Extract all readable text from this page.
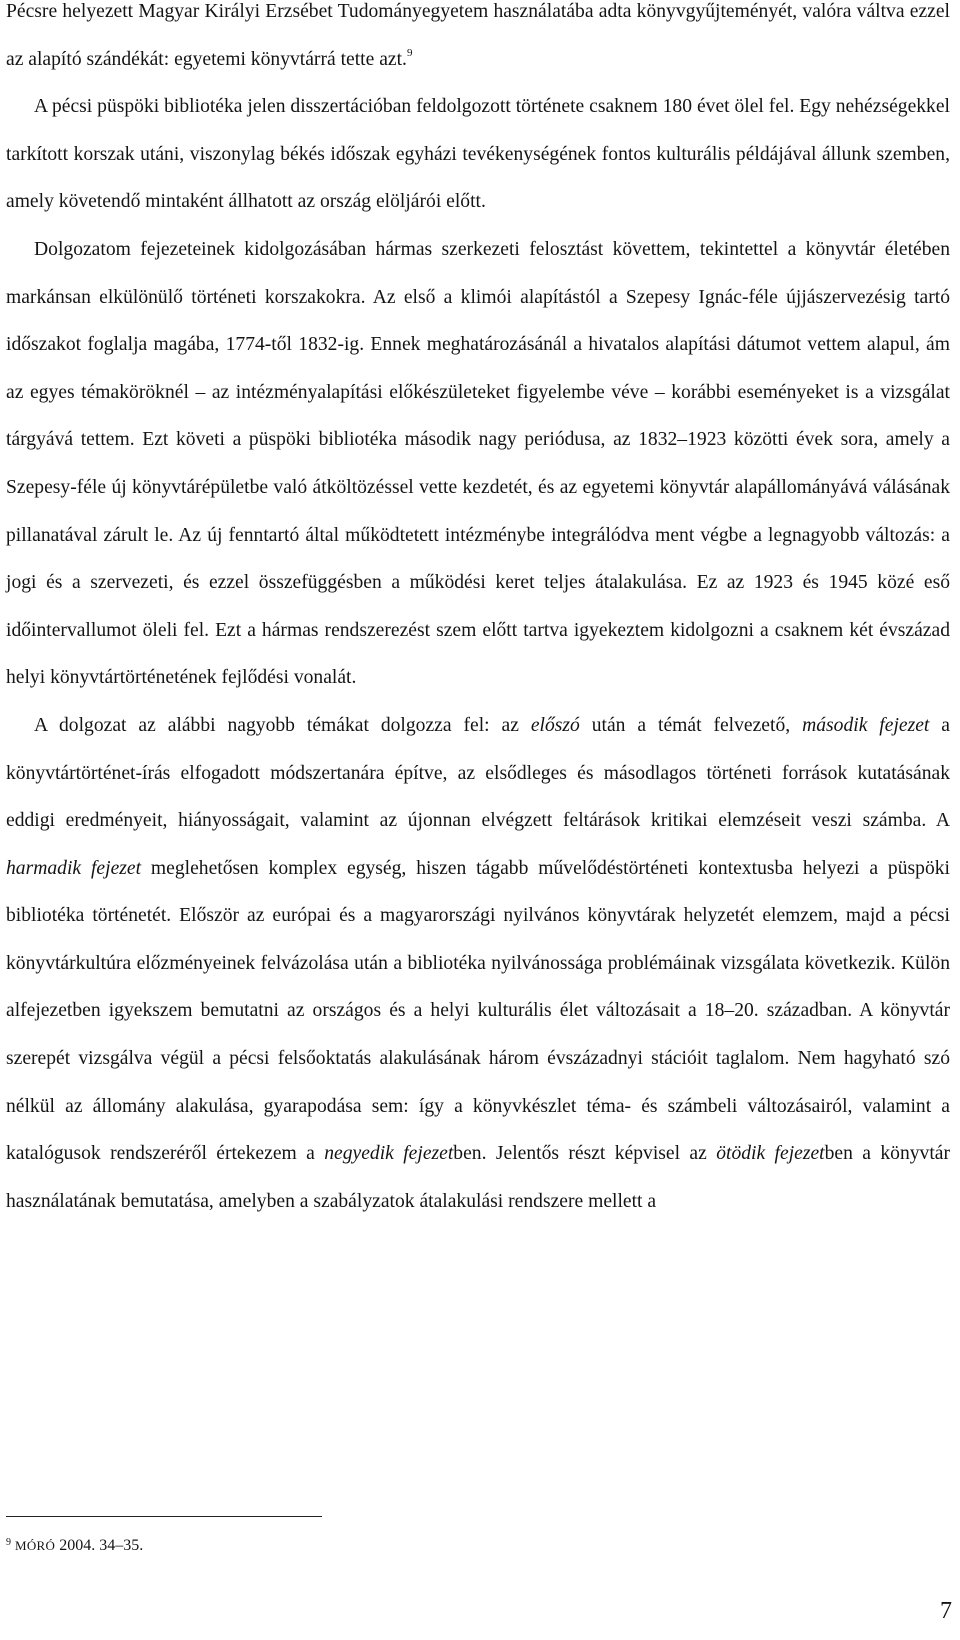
Pécsre helyezett Magyar Királyi Erzsébet Tudományegyetem használatába adta könyvgyűjteményét, valóra váltva ezzel az alapító szándékát: egyetemi könyvtárrá tette azt.$^9$

A pécsi püspöki bibliotéka jelen disszertációban feldolgozott története csaknem 180 évet ölel fel. Egy nehézségekkel tarkított korszak utáni, viszonylag békés időszak egyházi tevékenységének fontos kulturális példájával állunk szemben, amely követendő mintaként állhatott az ország elöljárói előtt.

Dolgozatom fejezeteinek kidolgozásában hármas szerkezeti felosztást követtem, tekintettel a könyvtár életében markánsan elkülönülő történeti korszakokra. Az első a klimói alapítástól a Szepesy Ignác-féle újjászervezésig tartó időszakot foglalja magába, 1774-től 1832-ig. Ennek meghatározásánál a hivatalos alapítási dátumot vettem alapul, ám az egyes témaköröknél – az intézményalapítási előkészületeket figyelembe véve – korábbi eseményeket is a vizsgálat tárgyává tettem. Ezt követi a püspöki bibliotéka második nagy periódusa, az 1832–1923 közötti évek sora, amely a Szepesy-féle új könyvtárépületbe való átköltözéssel vette kezdetét, és az egyetemi könyvtár alapállományává válásának pillanatával zárult le. Az új fenntartó által működtetett intézménybe integrálódva ment végbe a legnagyobb változás: a jogi és a szervezeti, és ezzel összefüggésben a működési keret teljes átalakulása. Ez az 1923 és 1945 közé eső időintervallumot öleli fel. Ezt a hármas rendszerezést szem előtt tartva igyekeztem kidolgozni a csaknem két évszázad helyi könyvtártörténetének fejlődési vonalát.

A dolgozat az alábbi nagyobb témákat dolgozza fel: az előszó után a témát felvezető, második fejezet a könyvtártörténet-írás elfogadott módszertanára építve, az elsődleges és másodlagos történeti források kutatásának eddigi eredményeit, hiányosságait, valamint az újonnan elvégzett feltárások kritikai elemzéseit veszi számba. A harmadik fejezet meglehetősen komplex egység, hiszen tágabb művelődéstörténeti kontextusba helyezi a püspöki bibliotéka történetét. Először az európai és a magyarországi nyilvános könyvtárak helyzetét elemzem, majd a pécsi könyvtárkultúra előzményeinek felvázolása után a bibliotéka nyilvánossága problémáinak vizsgálata következik. Külön alfejezetben igyekszem bemutatni az országos és a helyi kulturális élet változásait a 18–20. században. A könyvtár szerepét vizsgálva végül a pécsi felsőoktatás alakulásának három évszázadnyi stációit taglalom. Nem hagyható szó nélkül az állomány alakulása, gyarapodása sem: így a könyvkészlet téma- és számbeli változásairól, valamint a katalógusok rendszeréről értekezem a negyedik fejezetben. Jelentős részt képvisel az ötödik fejezetben a könyvtár használatának bemutatása, amelyben a szabályzatok átalakulási rendszere mellett a

$^9$ MÓRÓ 2004. 34–35.
7
